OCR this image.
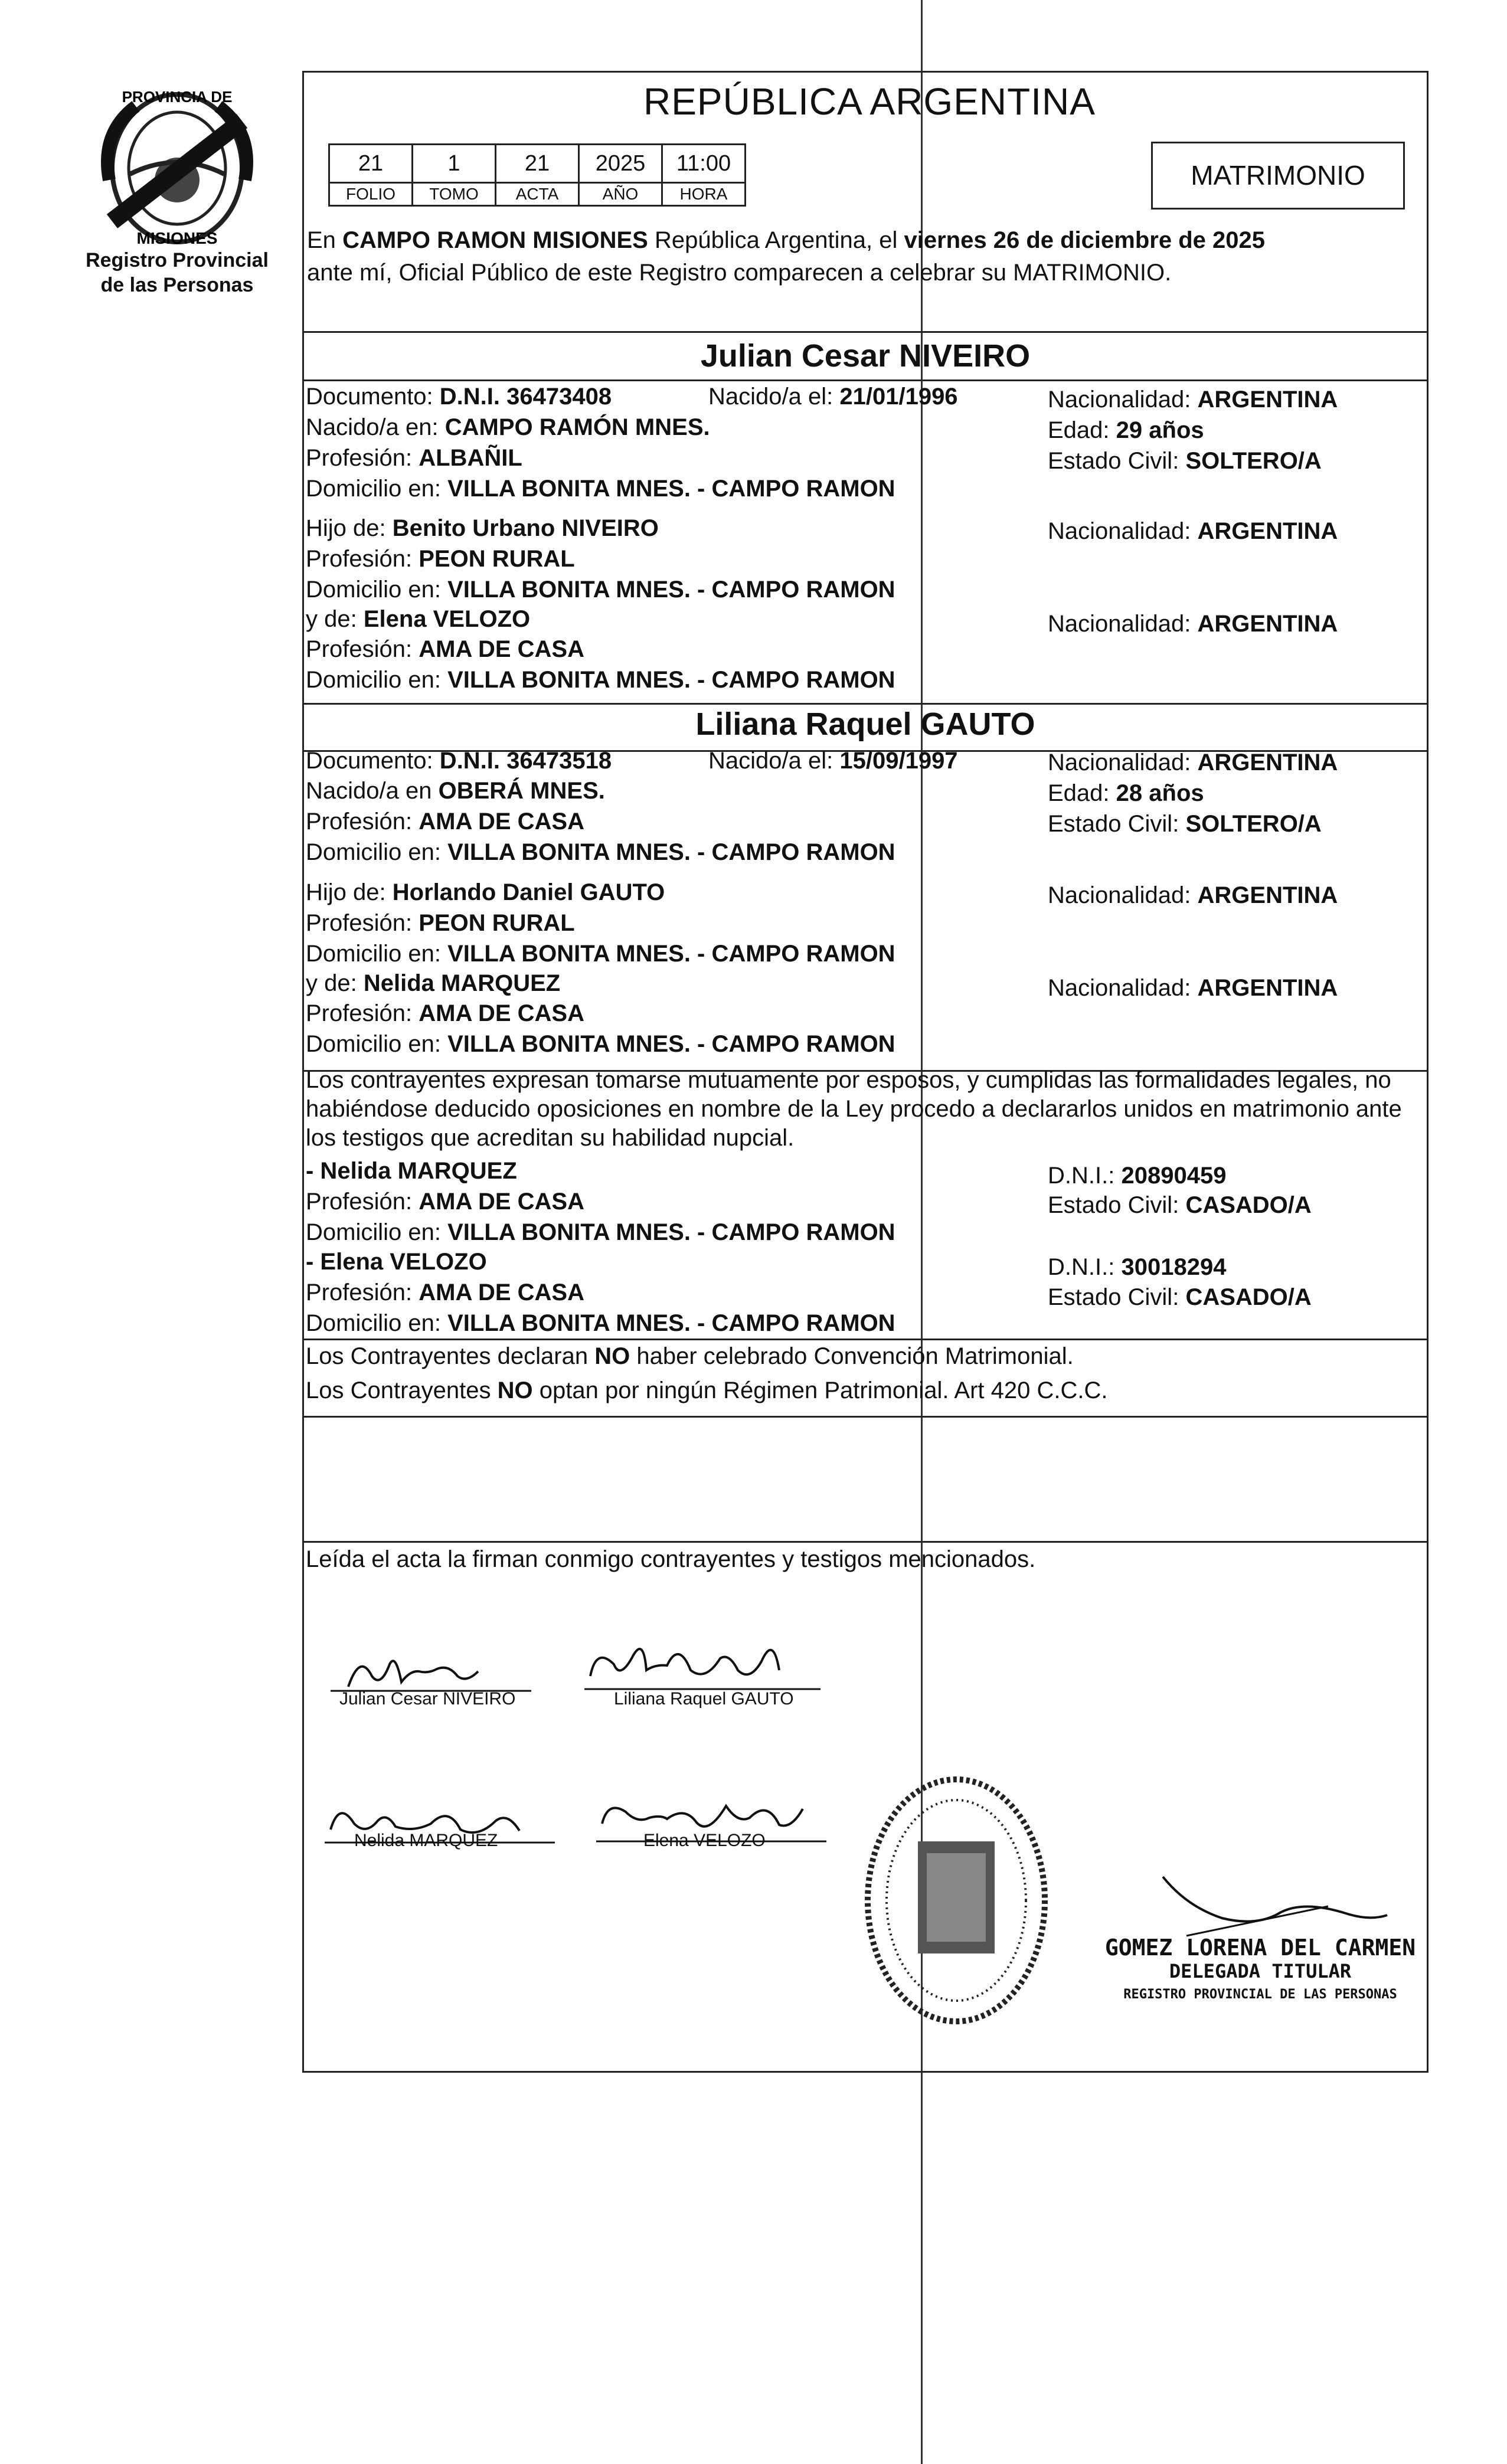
PROVINCIA DE
MISIONES
Registro Provincial
de las Personas
REPÚBLICA ARGENTINA
21	1	21	2025	11:00
FOLIO	TOMO	ACTA	AÑO	HORA
MATRIMONIO
En CAMPO RAMON MISIONES República Argentina, el viernes 26 de diciembre de 2025
ante mí, Oficial Público de este Registro comparecen a celebrar su MATRIMONIO.
Julian Cesar NIVEIRO
Documento: D.N.I. 36473408	Nacido/a el: 21/01/1996	Nacionalidad: ARGENTINA
Nacido/a en: CAMPO RAMÓN MNES.	Edad: 29 años
Profesión: ALBAÑIL	Estado Civil: SOLTERO/A
Domicilio en: VILLA BONITA MNES. - CAMPO RAMON
Hijo de: Benito Urbano NIVEIRO	Nacionalidad: ARGENTINA
Profesión: PEON RURAL
Domicilio en: VILLA BONITA MNES. - CAMPO RAMON
y de: Elena VELOZO	Nacionalidad: ARGENTINA
Profesión: AMA DE CASA
Domicilio en: VILLA BONITA MNES. - CAMPO RAMON
Liliana Raquel GAUTO
Documento: D.N.I. 36473518	Nacido/a el: 15/09/1997	Nacionalidad: ARGENTINA
Nacido/a en OBERÁ MNES.	Edad: 28 años
Profesión: AMA DE CASA	Estado Civil: SOLTERO/A
Domicilio en: VILLA BONITA MNES. - CAMPO RAMON
Hijo de: Horlando Daniel GAUTO	Nacionalidad: ARGENTINA
Profesión: PEON RURAL
Domicilio en: VILLA BONITA MNES. - CAMPO RAMON
y de: Nelida MARQUEZ	Nacionalidad: ARGENTINA
Profesión: AMA DE CASA
Domicilio en: VILLA BONITA MNES. - CAMPO RAMON
Los contrayentes expresan tomarse mutuamente por esposos, y cumplidas las formalidades legales, no
habiéndose deducido oposiciones en nombre de la Ley procedo a declararlos unidos en matrimonio ante
los testigos que acreditan su habilidad nupcial.
- Nelida MARQUEZ	D.N.I.: 20890459
Profesión: AMA DE CASA	Estado Civil: CASADO/A
Domicilio en: VILLA BONITA MNES. - CAMPO RAMON
- Elena VELOZO	D.N.I.: 30018294
Profesión: AMA DE CASA	Estado Civil: CASADO/A
Domicilio en: VILLA BONITA MNES. - CAMPO RAMON
Los Contrayentes declaran NO haber celebrado Convención Matrimonial.
Los Contrayentes NO optan por ningún Régimen Patrimonial. Art 420 C.C.C.
Leída el acta la firman conmigo contrayentes y testigos mencionados.
Julian Cesar NIVEIRO	Liliana Raquel GAUTO
Nelida MARQUEZ	Elena VELOZO
GOMEZ LORENA DEL CARMEN
DELEGADA TITULAR
REGISTRO PROVINCIAL DE LAS PERSONAS
